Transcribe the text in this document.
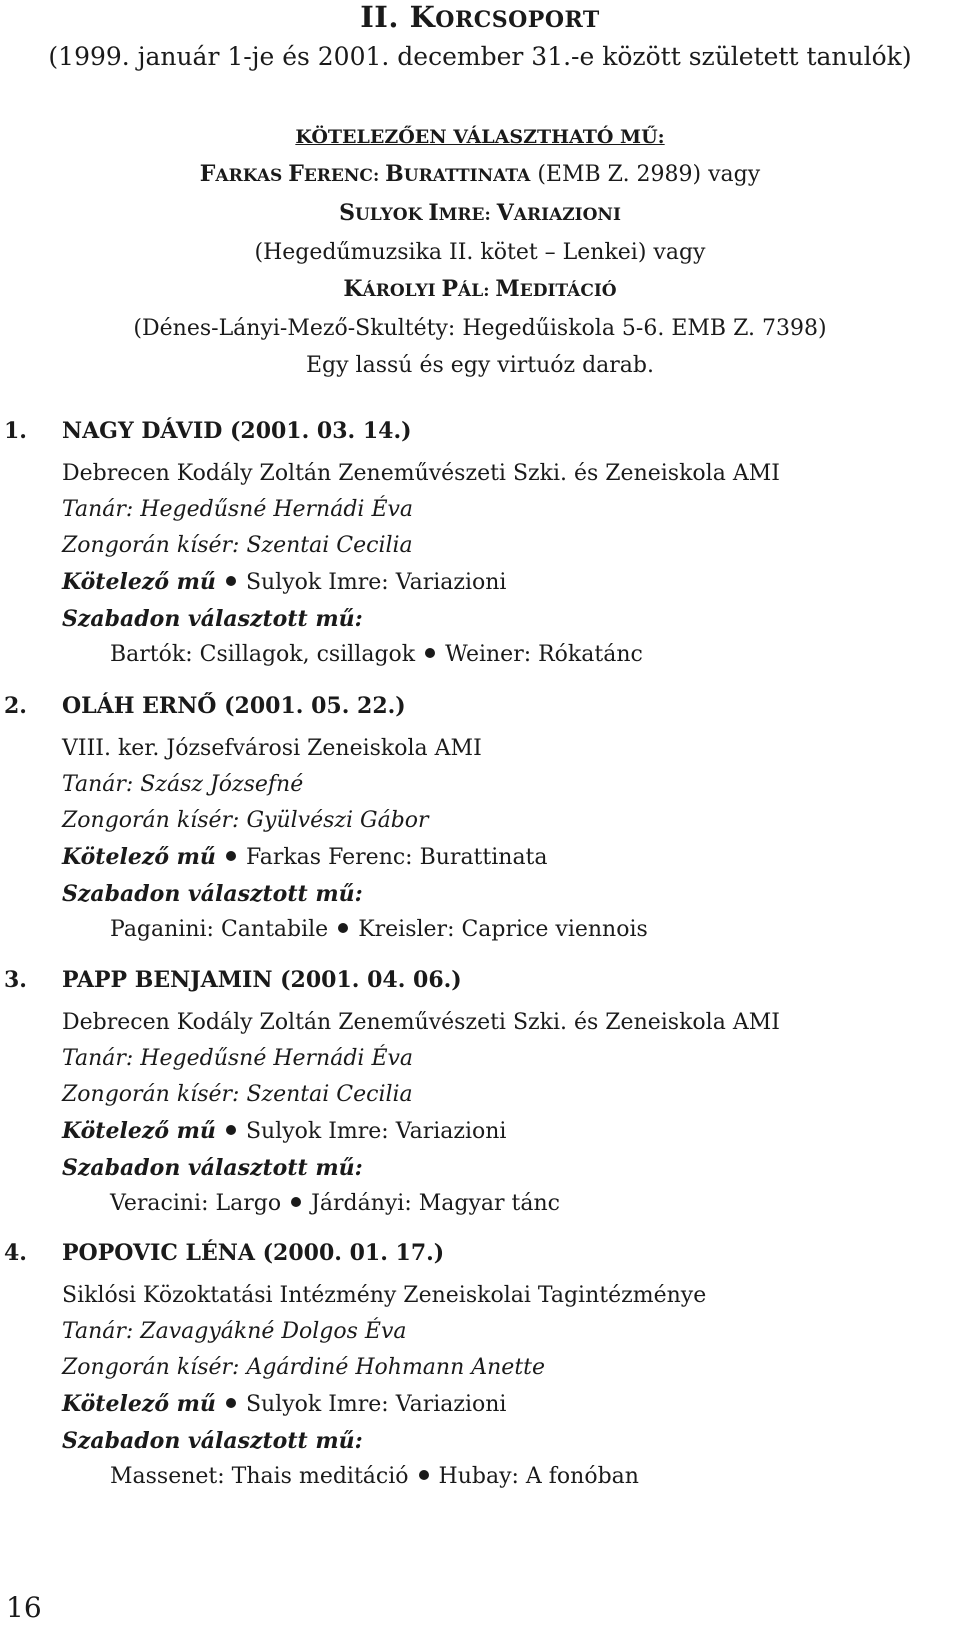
II. KORCSOPORT
(1999. január 1-je és 2001. december 31.-e között született tanulók)
KÖTELEZŐEN VÁLASZTHATÓ MŰ:
FARKAS FERENC: BURATTINATA (EMB Z. 2989) vagy
SULYOK IMRE: VARIAZIONI
(Hegedűmuzsika II. kötet – Lenkei) vagy
KÁROLYI PÁL: MEDITÁCIÓ
(Dénes-Lányi-Mező-Skultéty: Hegedűiskola 5-6. EMB Z. 7398)
Egy lassú és egy virtuóz darab.
1. NAGY DÁVID (2001. 03. 14.)
Debrecen Kodály Zoltán Zeneművészeti Szki. és Zeneiskola AMI
Tanár: Hegedűsné Hernádi Éva
Zongorán kísér: Szentai Cecilia
Kötelező mű Sulyok Imre: Variazioni
Szabadon választott mű:
Bartók: Csillagok, csillagok Weiner: Rókatánc
2. OLÁH ERNŐ (2001. 05. 22.)
VIII. ker. Józsefvárosi Zeneiskola AMI
Tanár: Szász Józsefné
Zongorán kísér: Gyülvészi Gábor
Kötelező mű Farkas Ferenc: Burattinata
Szabadon választott mű:
Paganini: Cantabile Kreisler: Caprice viennois
3. PAPP BENJAMIN (2001. 04. 06.)
Debrecen Kodály Zoltán Zeneművészeti Szki. és Zeneiskola AMI
Tanár: Hegedűsné Hernádi Éva
Zongorán kísér: Szentai Cecilia
Kötelező mű Sulyok Imre: Variazioni
Szabadon választott mű:
Veracini: Largo Járdányi: Magyar tánc
4. POPOVIC LÉNA (2000. 01. 17.)
Siklósi Közoktatási Intézmény Zeneiskolai Tagintézménye
Tanár: Zavagyákné Dolgos Éva
Zongorán kísér: Agárdiné Hohmann Anette
Kötelező mű Sulyok Imre: Variazioni
Szabadon választott mű:
Massenet: Thais meditáció Hubay: A fonóban
16
